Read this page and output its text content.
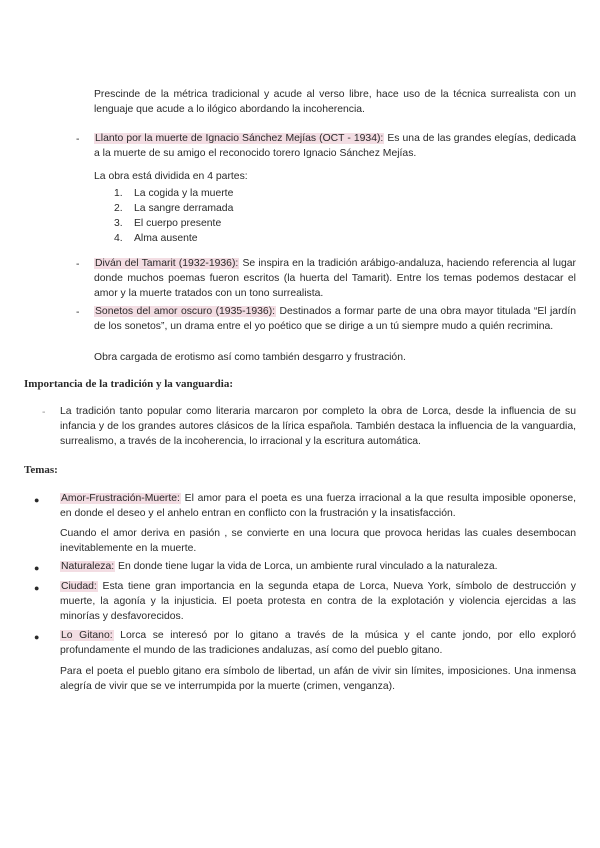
Prescinde de la métrica tradicional y acude al verso libre, hace uso de la técnica surrealista con un lenguaje que acude a lo ilógico abordando la incoherencia.

- Llanto por la muerte de Ignacio Sánchez Mejías (OCT - 1934): Es una de las grandes elegías, dedicada a la muerte de su amigo el reconocido torero Ignacio Sánchez Mejías.

La obra está dividida en 4 partes:

1. La cogida y la muerte
2. La sangre derramada
3. El cuerpo presente
4. Alma ausente
- Diván del Tamarit (1932-1936): Se inspira en la tradición arábigo-andaluza, haciendo referencia al lugar donde muchos poemas fueron escritos (la huerta del Tamarit). Entre los temas podemos destacar el amor y la muerte tratados con un tono surrealista.

- Sonetos del amor oscuro (1935-1936): Destinados a formar parte de una obra mayor titulada “El jardín de los sonetos”, un drama entre el yo poético que se dirige a un tú siempre mudo a quién recrimina.

Obra cargada de erotismo así como también desgarro y frustración.

Importancia de la tradición y la vanguardia:
- La tradición tanto popular como literaria marcaron por completo la obra de Lorca, desde la influencia de su infancia y de los grandes autores clásicos de la lírica española. También destaca la influencia de la vanguardia, surrealismo, a través de la incoherencia, lo irracional y la escritura automática.

Temas:
● Amor-Frustración-Muerte: El amor para el poeta es una fuerza irracional a la que resulta imposible oponerse, en donde el deseo y el anhelo entran en conflicto con la frustración y la insatisfacción.

Cuando el amor deriva en pasión , se convierte en una locura que provoca heridas las cuales desembocan inevitablemente en la muerte.

● Naturaleza: En donde tiene lugar la vida de Lorca, un ambiente rural vinculado a la naturaleza.

● Ciudad: Esta tiene gran importancia en la segunda etapa de Lorca, Nueva York, símbolo de destrucción y muerte, la agonía y la injusticia. El poeta protesta en contra de la explotación y violencia ejercidas a las minorías y desfavorecidos.

● Lo Gitano: Lorca se interesó por lo gitano a través de la música y el cante jondo, por ello exploró profundamente el mundo de las tradiciones andaluzas, así como del pueblo gitano.

Para el poeta el pueblo gitano era símbolo de libertad, un afán de vivir sin límites, imposiciones. Una inmensa alegría de vivir que se ve interrumpida por la muerte (crimen, venganza).
